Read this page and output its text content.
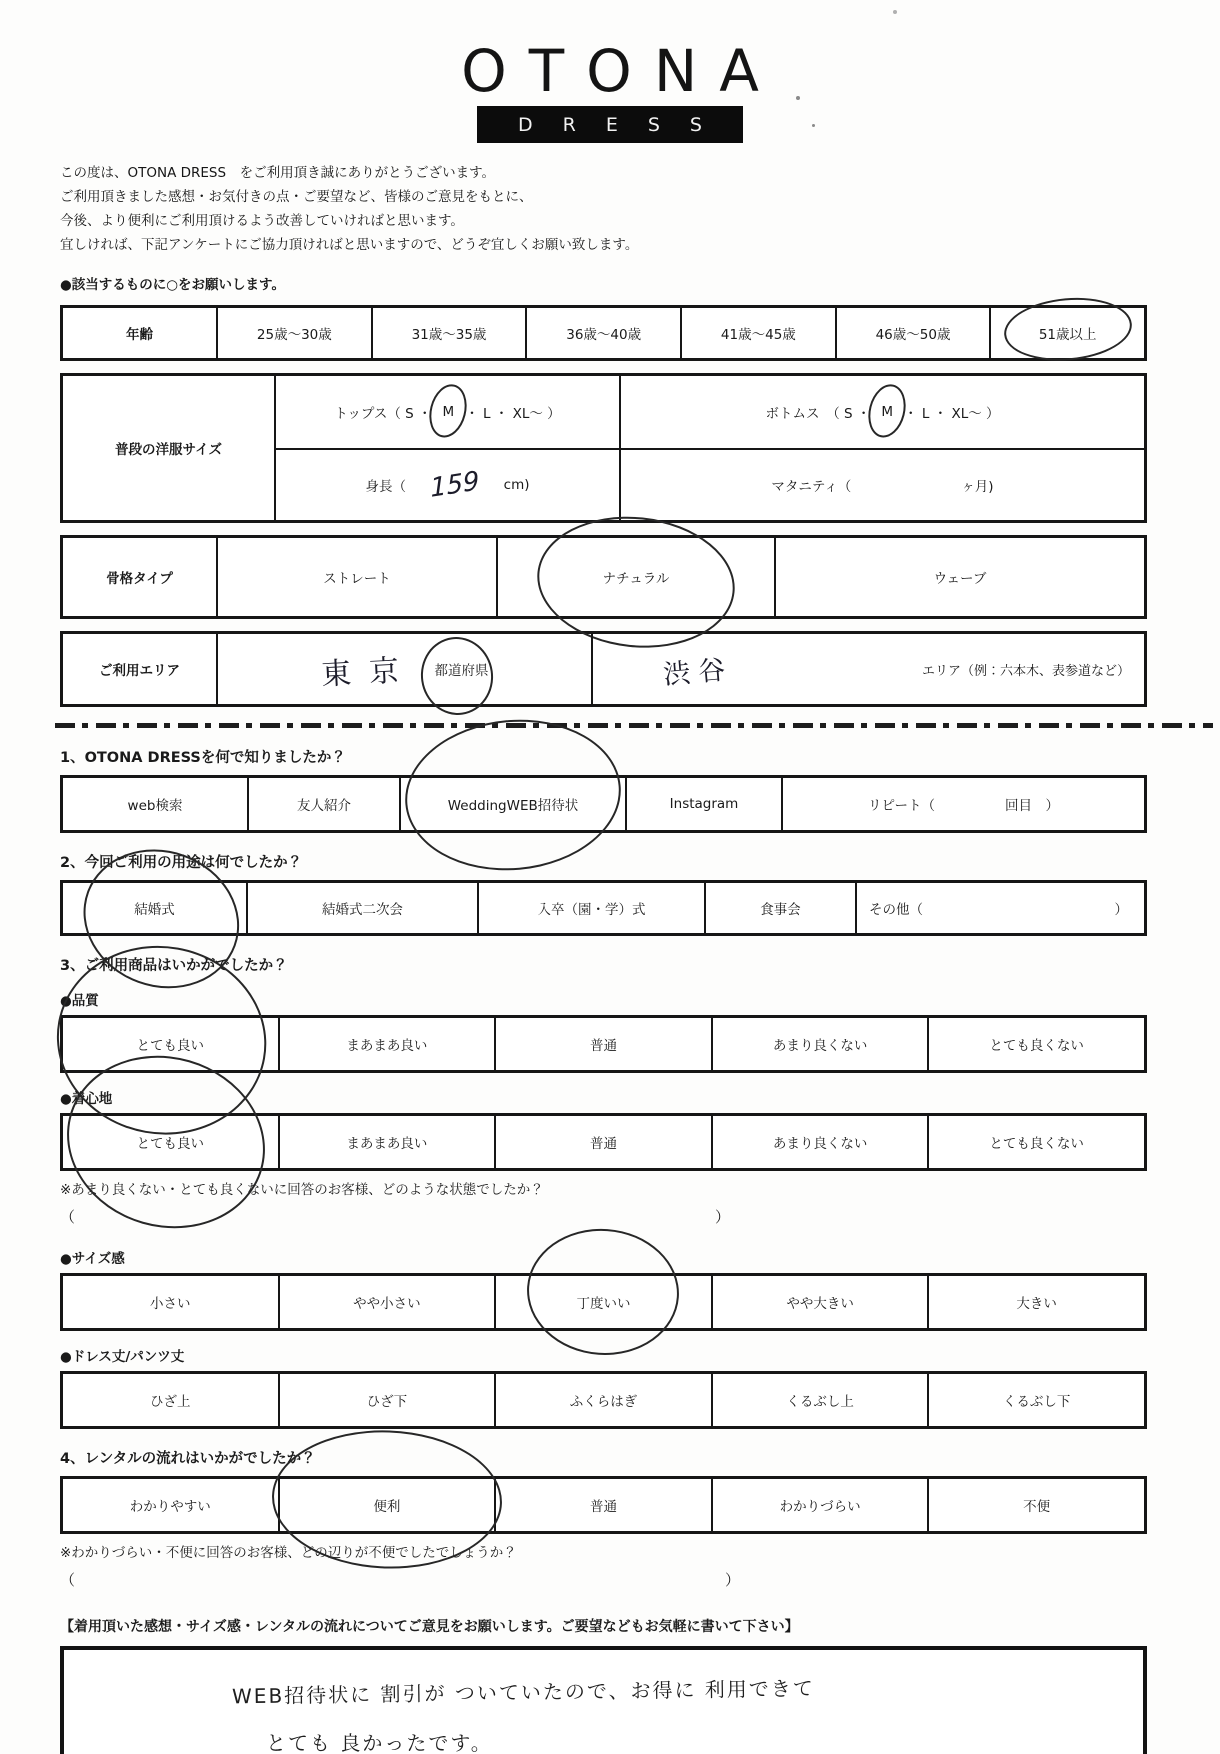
OTONA
DRESS

この度は、OTONA DRESS　をご利用頂き誠にありがとうございます。

ご利用頂きました感想・お気付きの点・ご要望など、皆様のご意見をもとに、

今後、より便利にご利用頂けるよう改善していければと思います。

宜しければ、下記アンケートにご協力頂ければと思いますので、どうぞ宜しくお願い致します。

●該当するものに○をお願いします。
年齢	25歳～30歳	31歳～35歳	36歳～40歳	41歳～45歳	46歳～50歳	51歳以上
普段の洋服サイズ
トップス（ S ・ M ・ L ・ XL～ ）	ボトムス　（ S ・ M ・ L ・ XL～ ）
身長（ 159 cm)	マタニティ（	ヶ月)
骨格タイプ	ストレート	ナチュラル	ウェーブ
ご利用エリア	東京 都道府県	渋谷	エリア（例：六本木、表参道など）
1、OTONA DRESSを何で知りましたか？
web検索	友人紹介	WeddingWEB招待状	Instagram	リピート（	回目　）
2、今回ご利用の用途は何でしたか？
結婚式	結婚式二次会	入卒（園・学）式	食事会	その他（	）
3、ご利用商品はいかがでしたか？
●品質
とても良い	まあまあ良い	普通	あまり良くない	とても良くない
●着心地
とても良い	まあまあ良い	普通	あまり良くない	とても良くない
※あまり良くない・とても良くないに回答のお客様、どのような状態でしたか？
（	）
●サイズ感
小さい	やや小さい	丁度いい	やや大きい	大きい
●ドレス丈/パンツ丈
ひざ上	ひざ下	ふくらはぎ	くるぶし上	くるぶし下
4、レンタルの流れはいかがでしたか？
わかりやすい	便利	普通	わかりづらい	不便
※わかりづらい・不便に回答のお客様、どの辺りが不便でしたでしょうか？
（	）
【着用頂いた感想・サイズ感・レンタルの流れについてご意見をお願いします。ご要望などもお気軽に書いて下さい】
WEB招待状に 割引が ついていたので、お得に 利用できて
とても 良かったです。
